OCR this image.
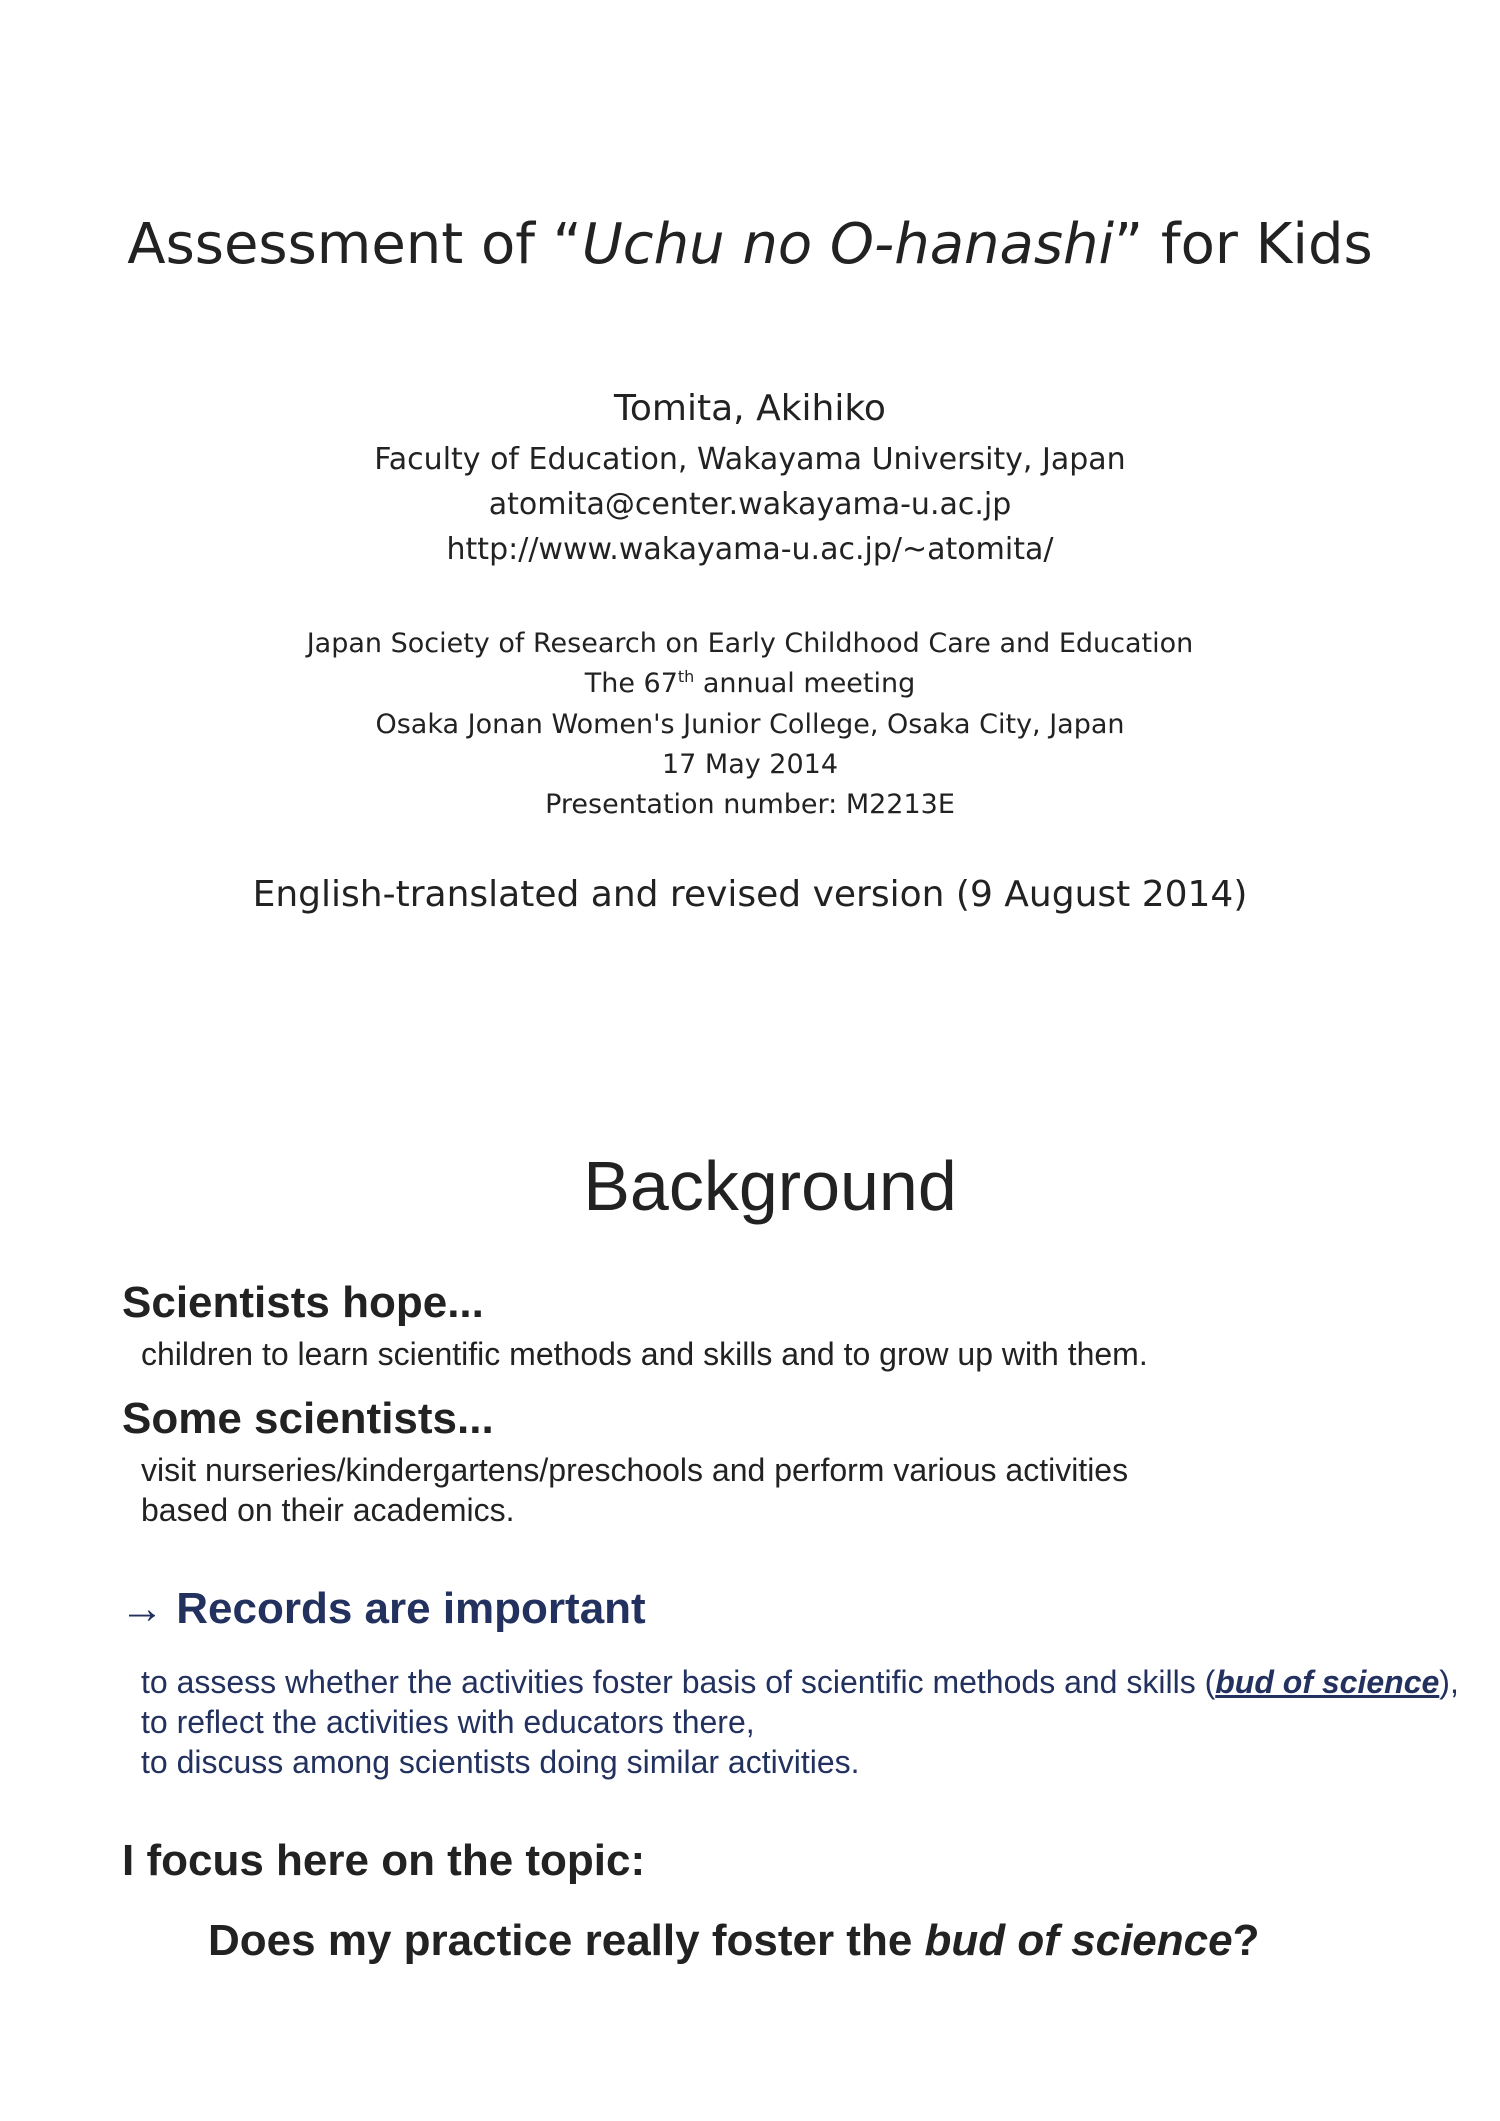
Assessment of “Uchu no O-hanashi” for Kids
Tomita, Akihiko
Faculty of Education, Wakayama University, Japan
atomita@center.wakayama-u.ac.jp
http://www.wakayama-u.ac.jp/~atomita/
Japan Society of Research on Early Childhood Care and Education
The 67th annual meeting
Osaka Jonan Women's Junior College, Osaka City, Japan
17 May 2014
Presentation number: M2213E
English-translated and revised version (9 August 2014)
Background
Scientists hope...
children to learn scientific methods and skills and to grow up with them.
Some scientists...
visit nurseries/kindergartens/preschools and perform various activities
based on their academics.
→ Records are important
to assess whether the activities foster basis of scientific methods and skills (bud of science),
to reflect the activities with educators there,
to discuss among scientists doing similar activities.
I focus here on the topic:
Does my practice really foster the bud of science?
